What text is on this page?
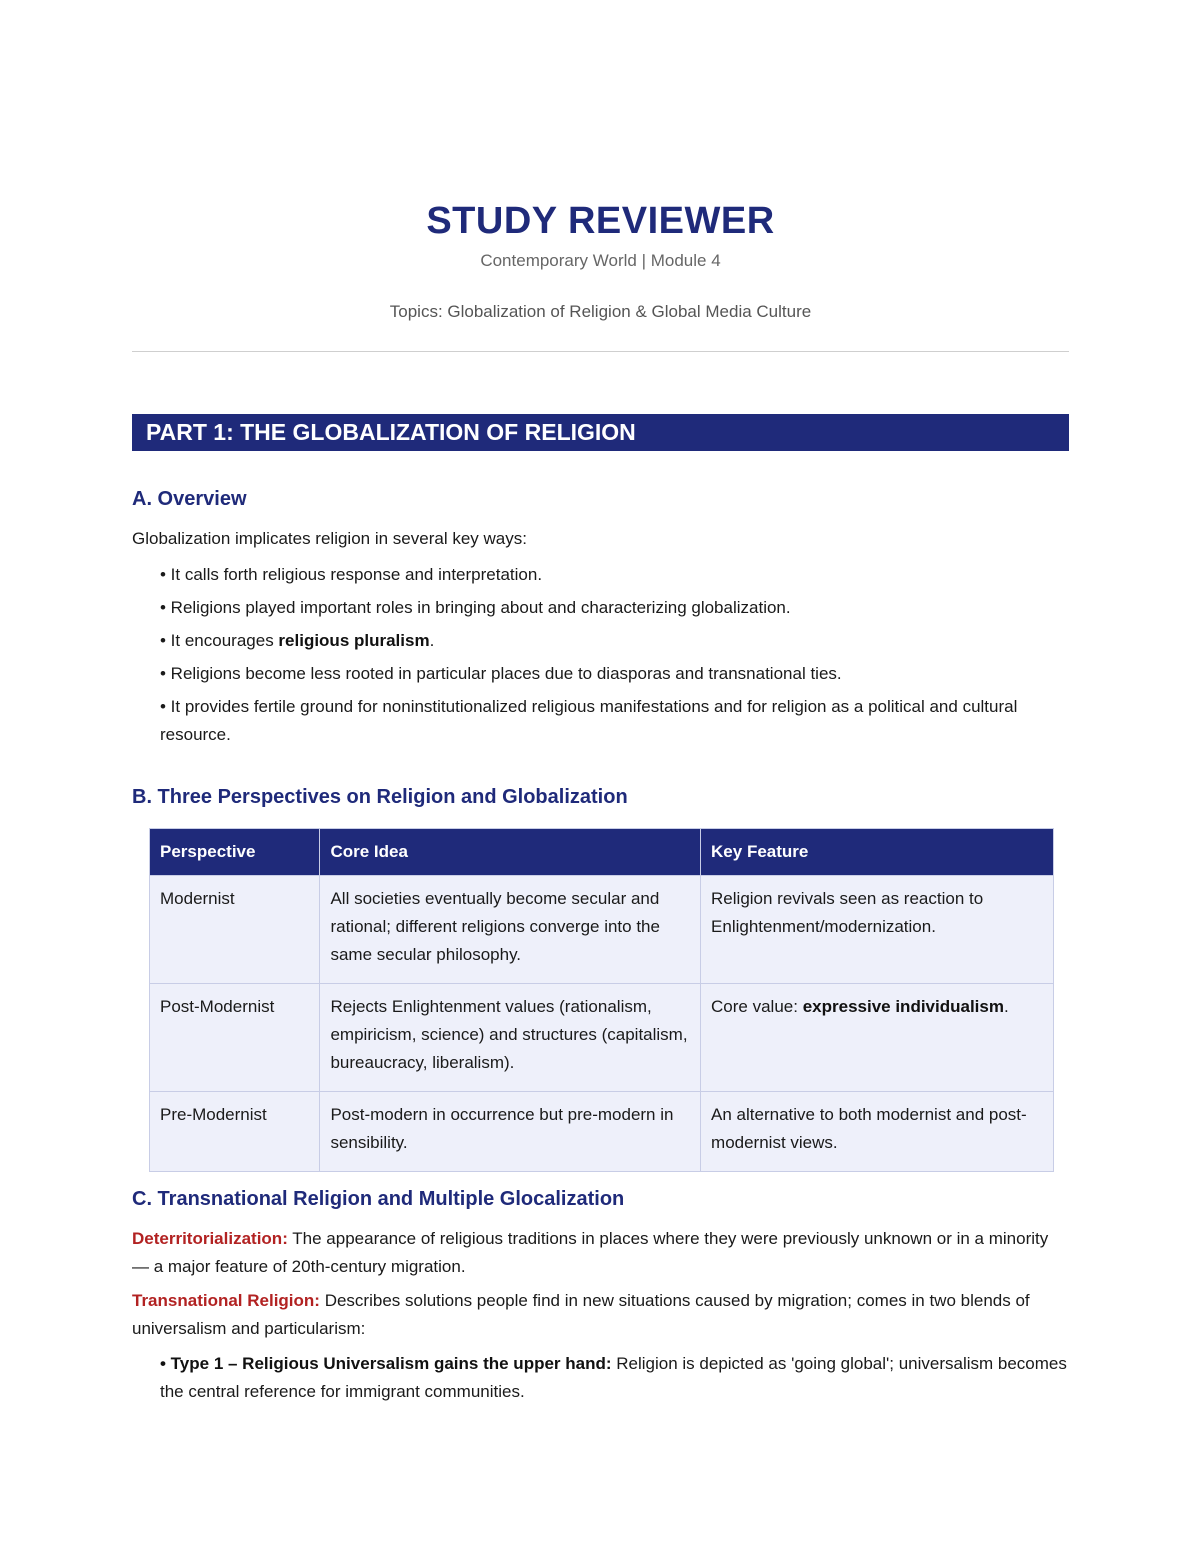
STUDY REVIEWER
Contemporary World | Module 4
Topics: Globalization of Religion & Global Media Culture
PART 1: THE GLOBALIZATION OF RELIGION
A. Overview
Globalization implicates religion in several key ways:
• It calls forth religious response and interpretation.
• Religions played important roles in bringing about and characterizing globalization.
• It encourages religious pluralism.
• Religions become less rooted in particular places due to diasporas and transnational ties.
• It provides fertile ground for noninstitutionalized religious manifestations and for religion as a political and cultural resource.
B. Three Perspectives on Religion and Globalization
Perspective	Core Idea	Key Feature
Modernist	All societies eventually become secular and rational; different religions converge into the same secular philosophy.	Religion revivals seen as reaction to Enlightenment/modernization.
Post-Modernist	Rejects Enlightenment values (rationalism, empiricism, science) and structures (capitalism, bureaucracy, liberalism).	Core value: expressive individualism.
Pre-Modernist	Post-modern in occurrence but pre-modern in sensibility.	An alternative to both modernist and post-modernist views.
C. Transnational Religion and Multiple Glocalization
Deterritorialization: The appearance of religious traditions in places where they were previously unknown or in a minority — a major feature of 20th-century migration.
Transnational Religion: Describes solutions people find in new situations caused by migration; comes in two blends of universalism and particularism:
• Type 1 – Religious Universalism gains the upper hand: Religion is depicted as 'going global'; universalism becomes the central reference for immigrant communities.
